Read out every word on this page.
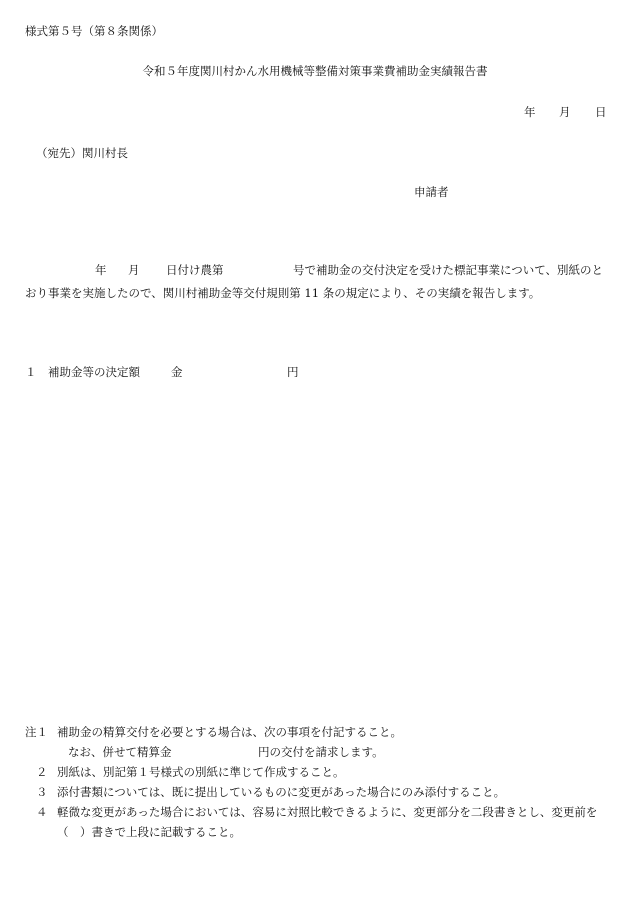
様式第５号（第８条関係）
令和５年度関川村かん水用機械等整備対策事業費補助金実績報告書
年 月 日
（宛先）関川村長
申請者
年 月 日付け農第	号で補助金の交付決定を受けた標記事業について、別紙のと
おり事業を実施したので、関川村補助金等交付規則第 11 条の規定により、その実績を報告します。
１　補助金等の決定額	金	円
注１ 補助金の精算交付を必要とする場合は、次の事項を付記すること。
なお、併せて精算金	円の交付を請求します。
２ 別紙は、別記第１号様式の別紙に準じて作成すること。
３ 添付書類については、既に提出しているものに変更があった場合にのみ添付すること。
４ 軽微な変更があった場合においては、容易に対照比較できるように、変更部分を二段書きとし、変更前を
（　）書きで上段に記載すること。
